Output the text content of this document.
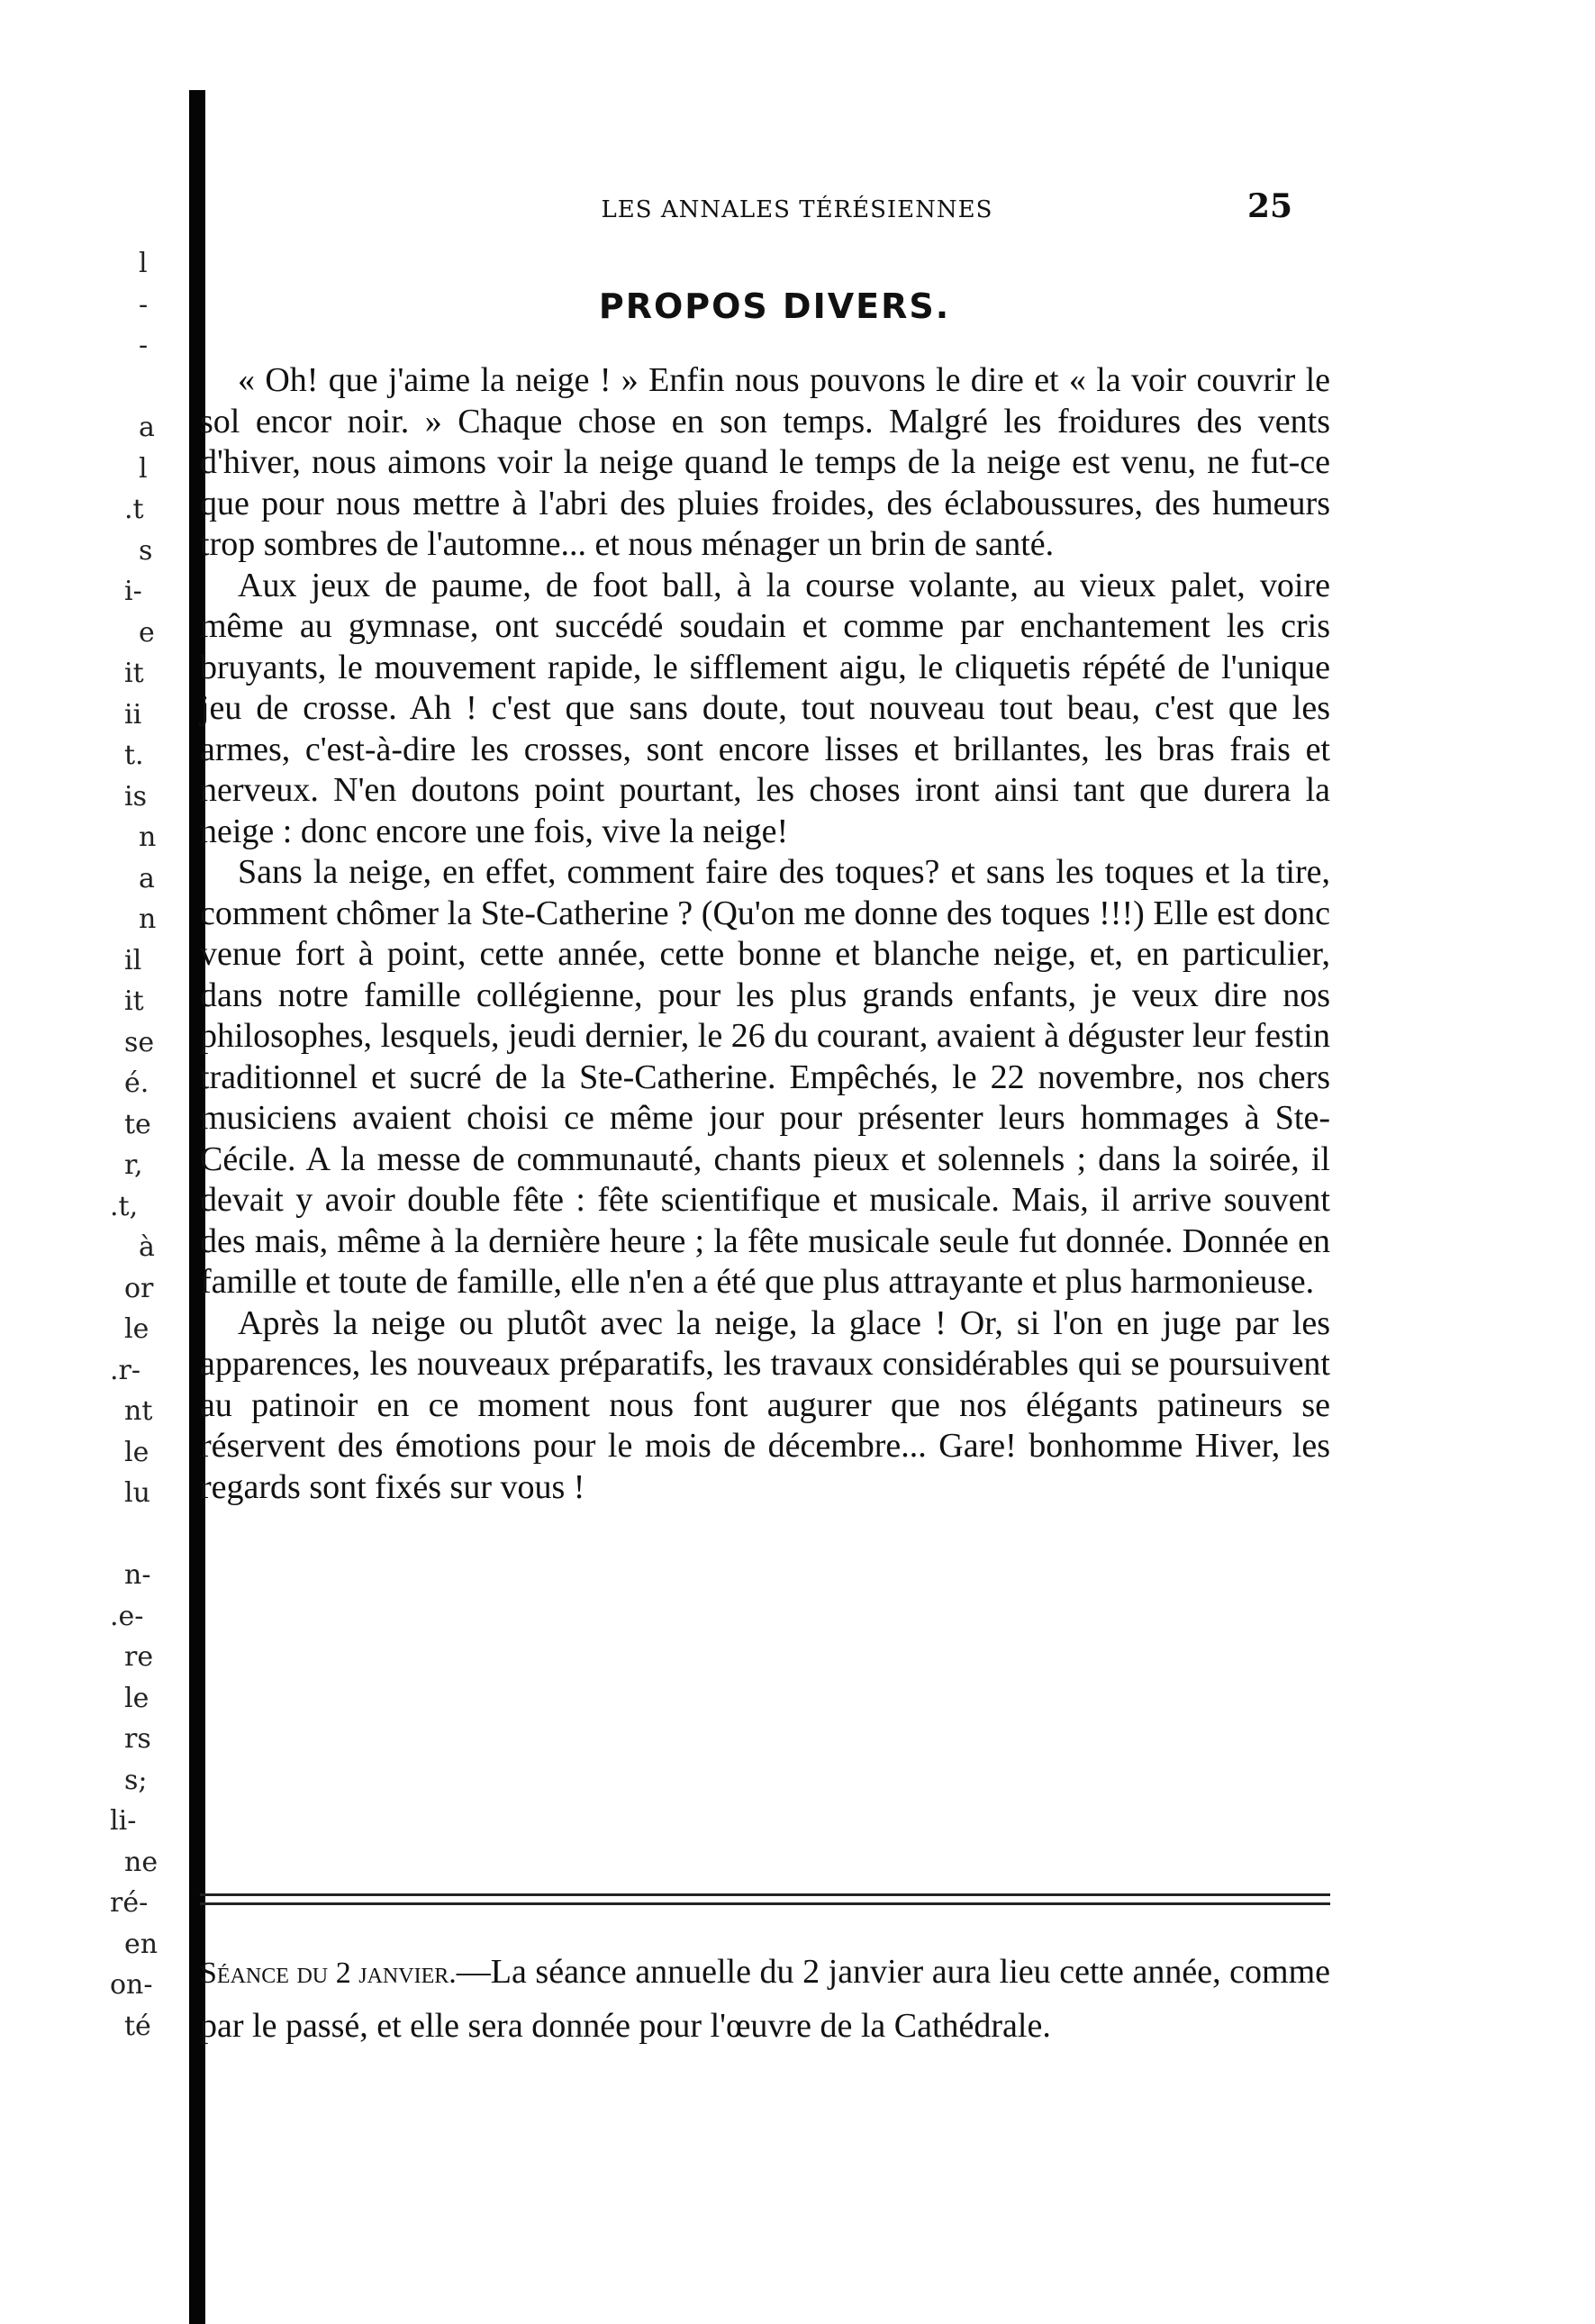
l
-
-
a
l
.t
s
i-
e
it
ii
t.
is
n
a
n
il
it
se
é.
te
r,
.t,
à
or
le
.r-
nt
le
lu
n-
.e-
re
le
rs
s;
li-
ne
ré-
en
on-
té
LES ANNALES TÉRÉSIENNES	25
PROPOS DIVERS.

« Oh! que j'aime la neige ! » Enfin nous pouvons le dire et « la voir couvrir le sol encor noir. » Chaque chose en son temps. Malgré les froidures des vents d'hiver, nous aimons voir la neige quand le temps de la neige est venu, ne fut-ce que pour nous mettre à l'abri des pluies froides, des éclaboussures, des humeurs trop sombres de l'automne... et nous ménager un brin de santé.

Aux jeux de paume, de foot ball, à la course volante, au vieux palet, voire même au gymnase, ont succédé soudain et comme par enchantement les cris bruyants, le mouvement rapide, le sifflement aigu, le cliquetis répété de l'unique jeu de crosse. Ah ! c'est que sans doute, tout nouveau tout beau, c'est que les armes, c'est-à-dire les crosses, sont encore lisses et brillantes, les bras frais et nerveux. N'en doutons point pourtant, les choses iront ainsi tant que durera la neige : donc encore une fois, vive la neige!

Sans la neige, en effet, comment faire des toques? et sans les toques et la tire, comment chômer la Ste-Catherine ? (Qu'on me donne des toques !!!) Elle est donc venue fort à point, cette année, cette bonne et blanche neige, et, en particulier, dans notre famille collégienne, pour les plus grands enfants, je veux dire nos philosophes, lesquels, jeudi dernier, le 26 du courant, avaient à déguster leur festin traditionnel et sucré de la Ste-Catherine. Empêchés, le 22 novembre, nos chers musiciens avaient choisi ce même jour pour présenter leurs hommages à Ste-Cécile. A la messe de communauté, chants pieux et solennels ; dans la soirée, il devait y avoir double fête : fête scientifique et musicale. Mais, il arrive souvent des mais, même à la dernière heure ; la fête musicale seule fut donnée. Donnée en famille et toute de famille, elle n'en a été que plus attrayante et plus harmonieuse.

Après la neige ou plutôt avec la neige, la glace ! Or, si l'on en juge par les apparences, les nouveaux préparatifs, les travaux considérables qui se poursuivent au patinoir en ce moment nous font augurer que nos élégants patineurs se réservent des émotions pour le mois de décembre... Gare! bonhomme Hiver, les regards sont fixés sur vous !

Séance du 2 janvier.—La séance annuelle du 2 janvier aura lieu cette année, comme par le passé, et elle sera donnée pour l'œuvre de la Cathédrale.
